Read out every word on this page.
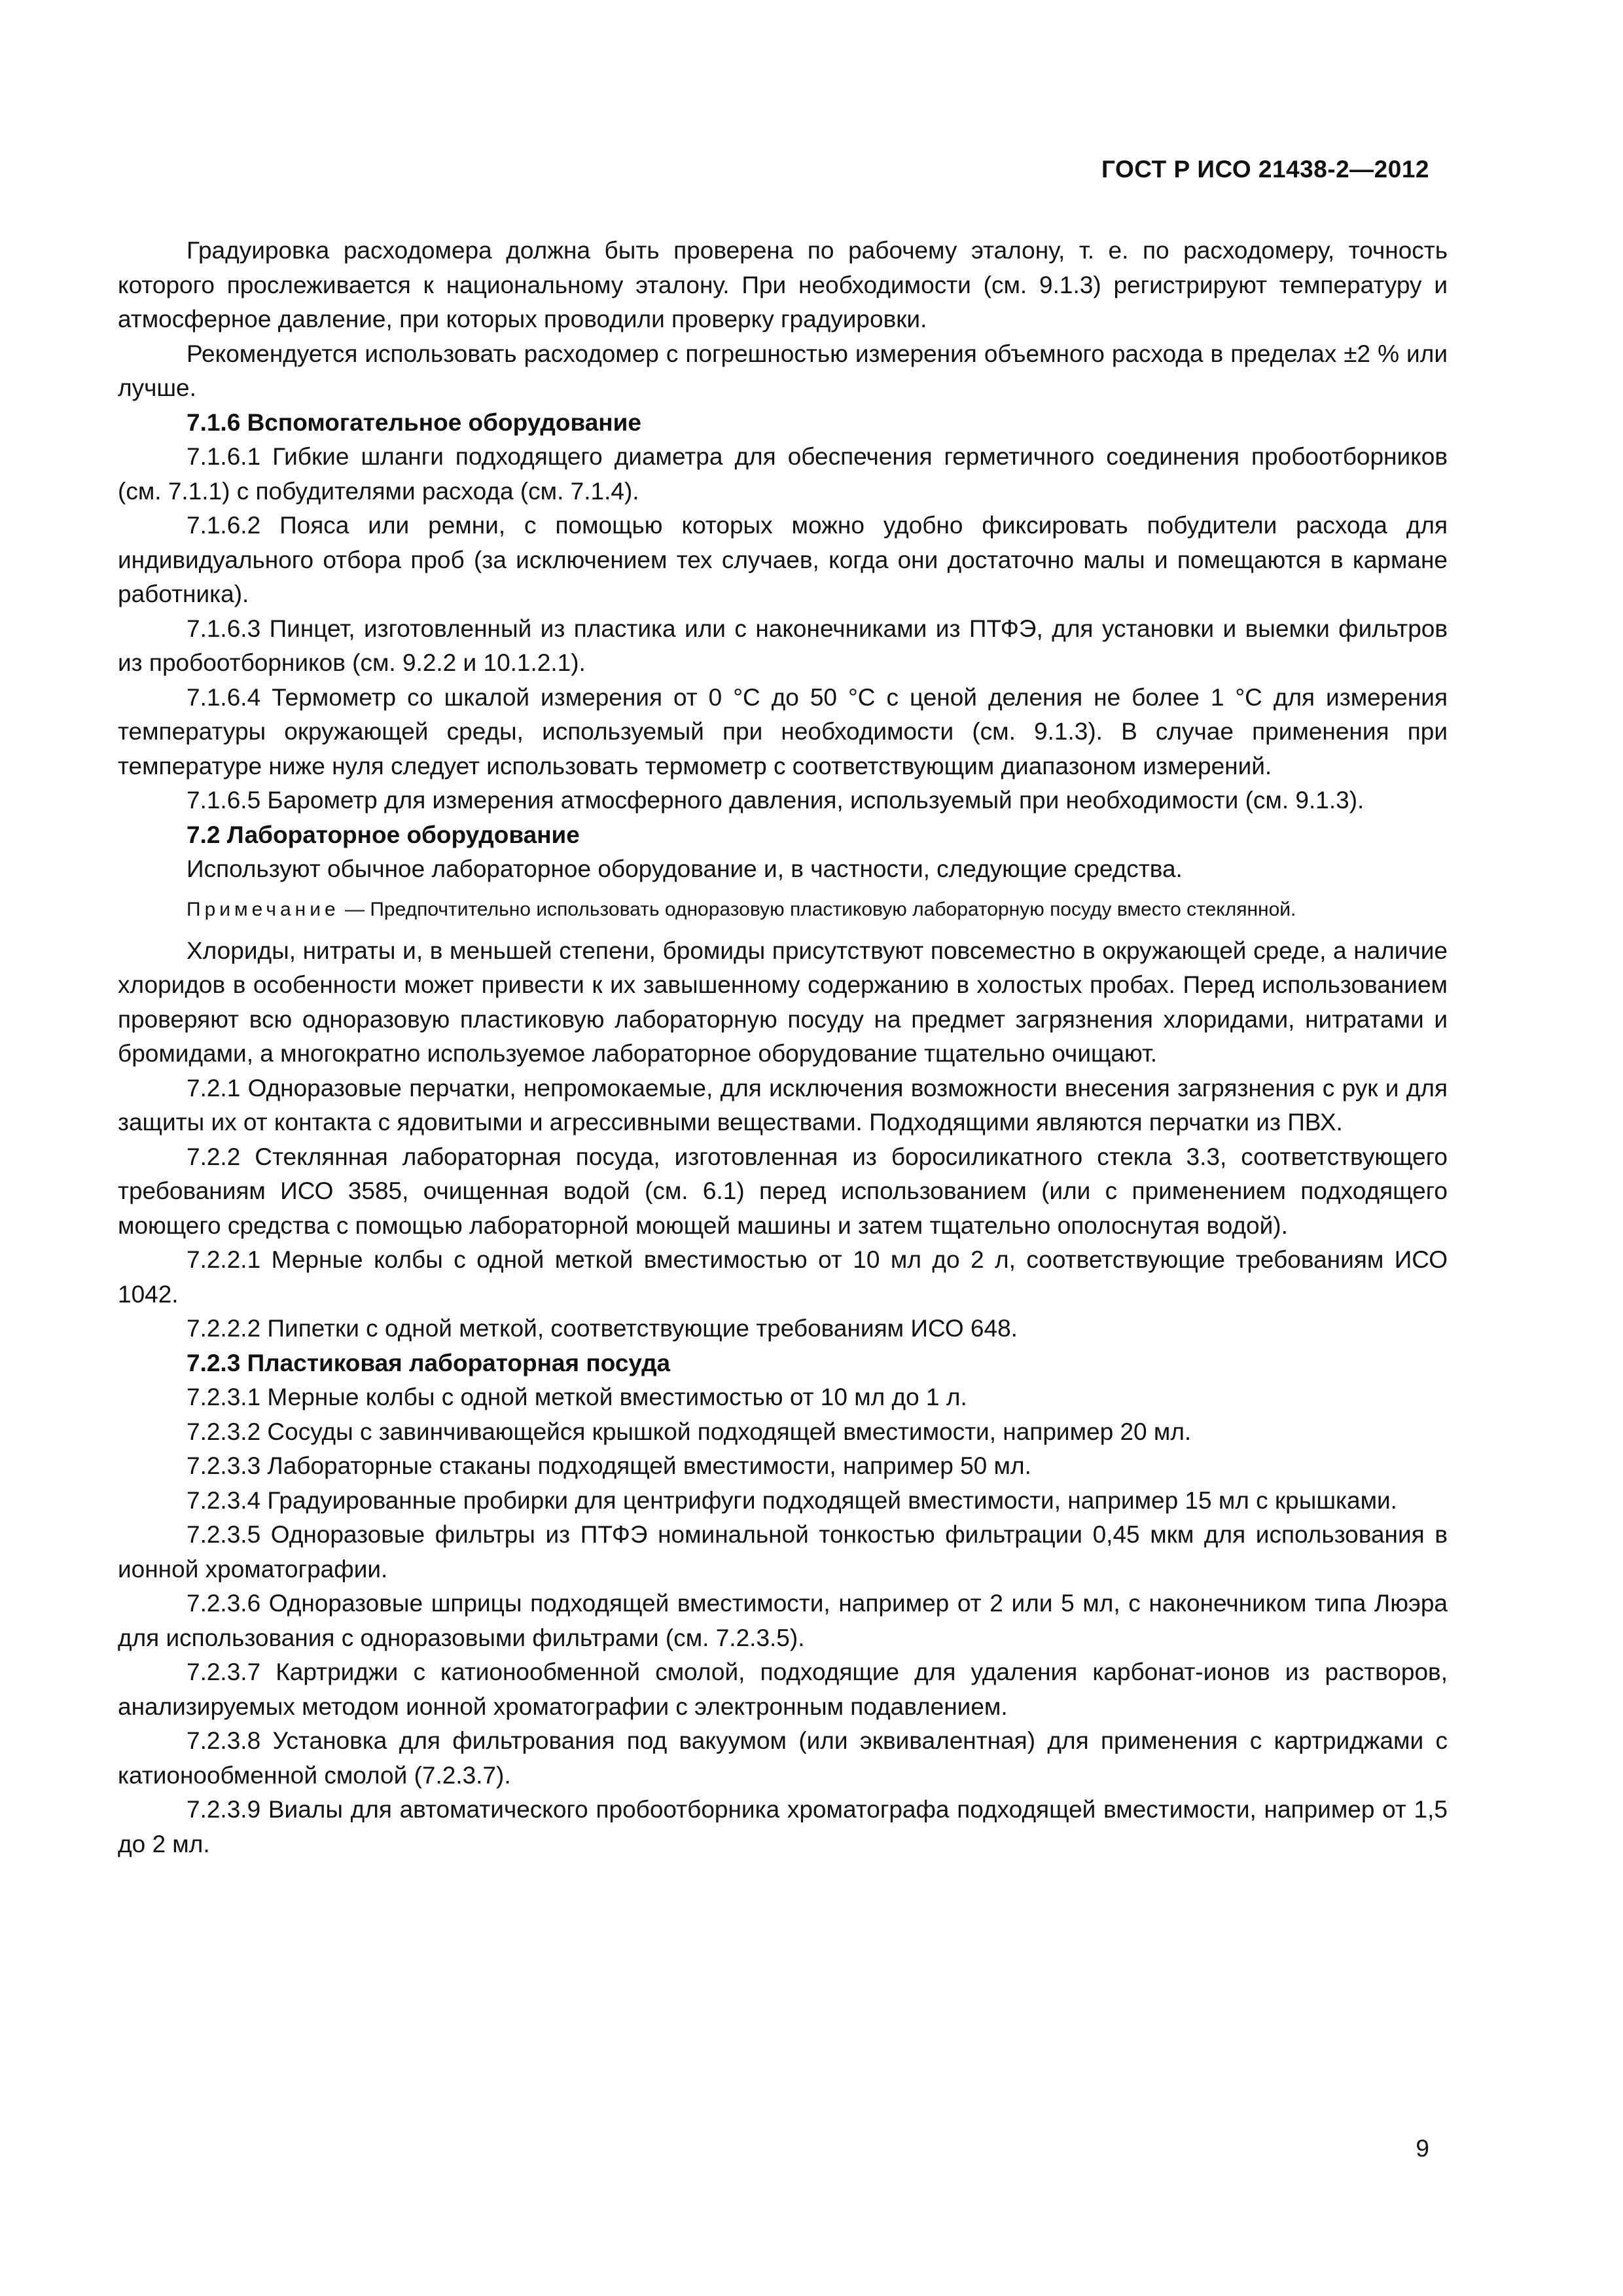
ГОСТ Р ИСО 21438-2—2012

Градуировка расходомера должна быть проверена по рабочему эталону, т. е. по расходомеру, точность которого прослеживается к национальному эталону. При необходимости (см. 9.1.3) регистрируют температуру и атмосферное давление, при которых проводили проверку градуировки.

Рекомендуется использовать расходомер с погрешностью измерения объемного расхода в пределах ±2 % или лучше.

7.1.6 Вспомогательное оборудование

7.1.6.1 Гибкие шланги подходящего диаметра для обеспечения герметичного соединения пробоотборников (см. 7.1.1) с побудителями расхода (см. 7.1.4).

7.1.6.2 Пояса или ремни, с помощью которых можно удобно фиксировать побудители расхода для индивидуального отбора проб (за исключением тех случаев, когда они достаточно малы и помещаются в кармане работника).

7.1.6.3 Пинцет, изготовленный из пластика или с наконечниками из ПТФЭ, для установки и выемки фильтров из пробоотборников (см. 9.2.2 и 10.1.2.1).

7.1.6.4 Термометр со шкалой измерения от 0 °С до 50 °С с ценой деления не более 1 °С для измерения температуры окружающей среды, используемый при необходимости (см. 9.1.3). В случае применения при температуре ниже нуля следует использовать термометр с соответствующим диапазоном измерений.

7.1.6.5 Барометр для измерения атмосферного давления, используемый при необходимости (см. 9.1.3).

7.2 Лабораторное оборудование

Используют обычное лабораторное оборудование и, в частности, следующие средства.

Примечание — Предпочтительно использовать одноразовую пластиковую лабораторную посуду вместо стеклянной.

Хлориды, нитраты и, в меньшей степени, бромиды присутствуют повсеместно в окружающей среде, а наличие хлоридов в особенности может привести к их завышенному содержанию в холостых пробах. Перед использованием проверяют всю одноразовую пластиковую лабораторную посуду на предмет загрязнения хлоридами, нитратами и бромидами, а многократно используемое лабораторное оборудование тщательно очищают.

7.2.1 Одноразовые перчатки, непромокаемые, для исключения возможности внесения загрязнения с рук и для защиты их от контакта с ядовитыми и агрессивными веществами. Подходящими являются перчатки из ПВХ.

7.2.2 Стеклянная лабораторная посуда, изготовленная из боросиликатного стекла 3.3, соответствующего требованиям ИСО 3585, очищенная водой (см. 6.1) перед использованием (или с применением подходящего моющего средства с помощью лабораторной моющей машины и затем тщательно ополоснутая водой).

7.2.2.1 Мерные колбы с одной меткой вместимостью от 10 мл до 2 л, соответствующие требованиям ИСО 1042.

7.2.2.2 Пипетки с одной меткой, соответствующие требованиям ИСО 648.

7.2.3 Пластиковая лабораторная посуда

7.2.3.1 Мерные колбы с одной меткой вместимостью от 10 мл до 1 л.

7.2.3.2 Сосуды с завинчивающейся крышкой подходящей вместимости, например 20 мл.

7.2.3.3 Лабораторные стаканы подходящей вместимости, например 50 мл.

7.2.3.4 Градуированные пробирки для центрифуги подходящей вместимости, например 15 мл с крышками.

7.2.3.5 Одноразовые фильтры из ПТФЭ номинальной тонкостью фильтрации 0,45 мкм для использования в ионной хроматографии.

7.2.3.6 Одноразовые шприцы подходящей вместимости, например от 2 или 5 мл, с наконечником типа Люэра для использования с одноразовыми фильтрами (см. 7.2.3.5).

7.2.3.7 Картриджи с катионообменной смолой, подходящие для удаления карбонат-ионов из растворов, анализируемых методом ионной хроматографии с электронным подавлением.

7.2.3.8 Установка для фильтрования под вакуумом (или эквивалентная) для применения с картриджами с катионообменной смолой (7.2.3.7).

7.2.3.9 Виалы для автоматического пробоотборника хроматографа подходящей вместимости, например от 1,5 до 2 мл.

9
